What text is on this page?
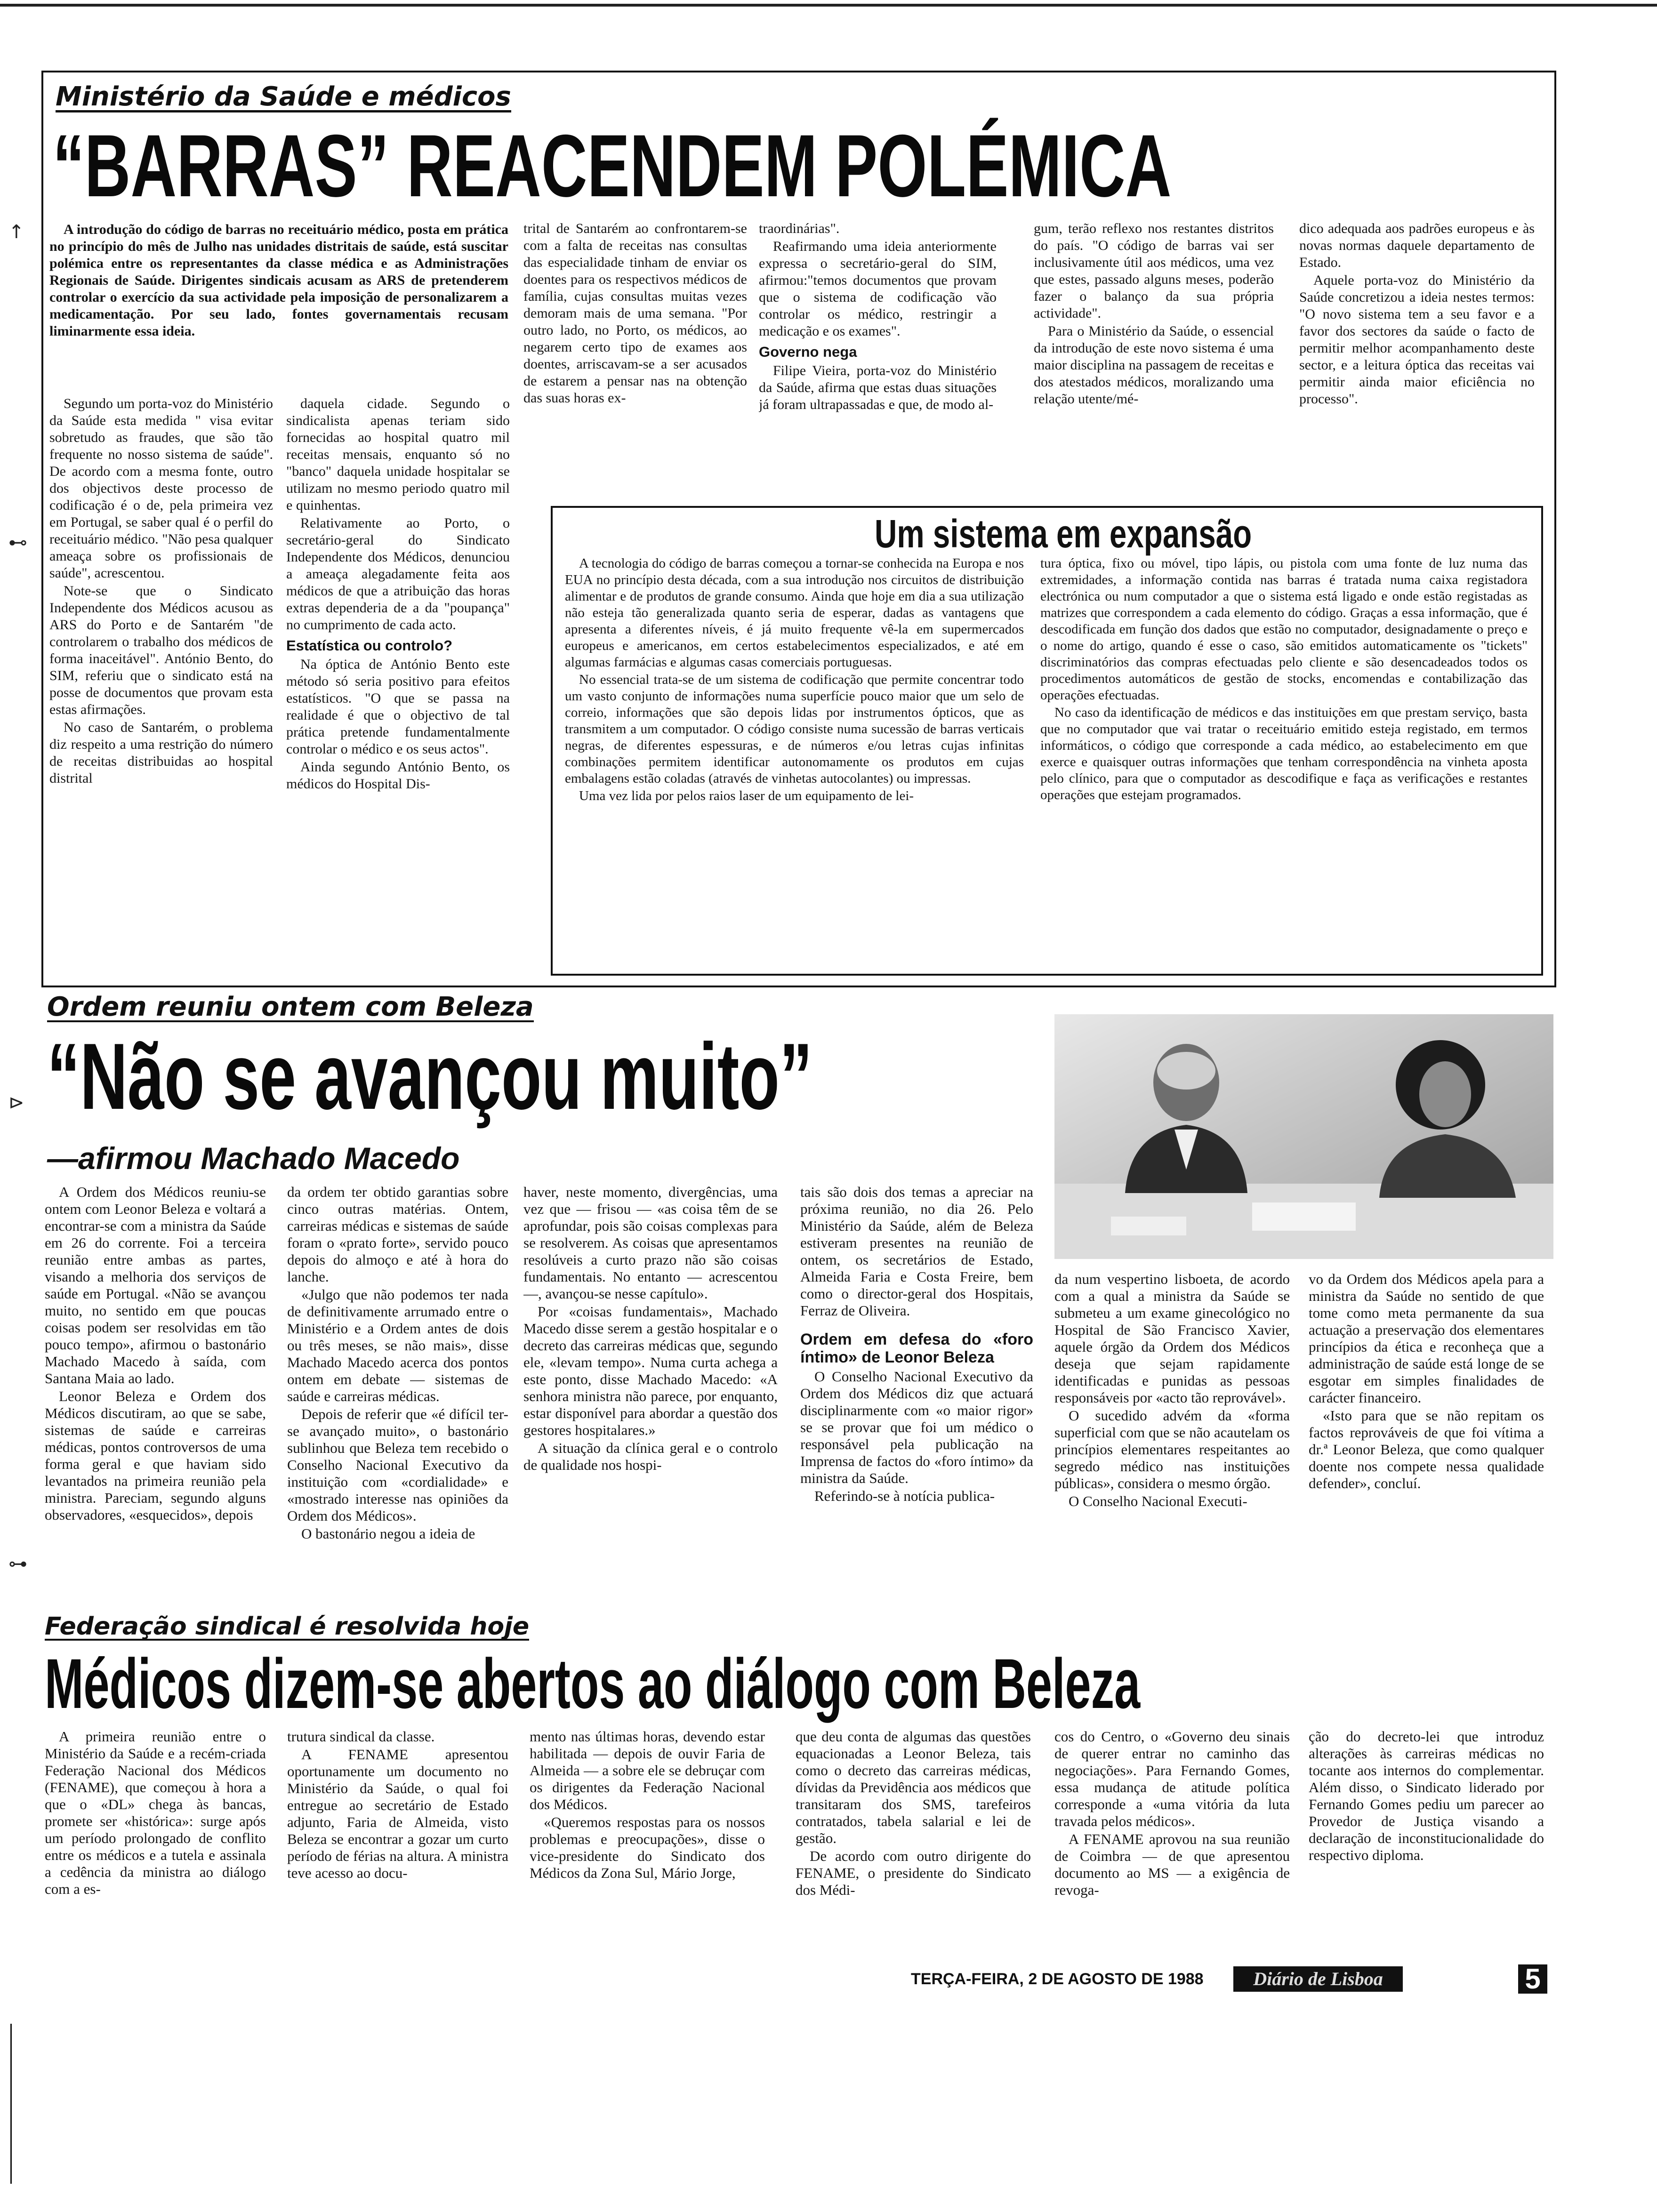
↑
⊷
⊳
⊶
Ministério da Saúde e médicos
“BARRAS” REACENDEM POLÉMICA

A introdução do código de barras no receituário médico, posta em prática no princípio do mês de Julho nas unidades distritais de saúde, está suscitar polémica entre os representantes da classe médica e as Administrações Regionais de Saúde. Dirigentes sindicais acusam as ARS de pretenderem controlar o exercício da sua actividade pela imposição de personalizarem a medicamentação. Por seu lado, fontes governamentais recusam liminarmente essa ideia.

Segundo um porta-voz do Ministério da Saúde esta medida " visa evitar sobretudo as fraudes, que são tão frequente no nosso sistema de saúde". De acordo com a mesma fonte, outro dos objectivos deste processo de codificação é o de, pela primeira vez em Portugal, se saber qual é o perfil do receituário médico. "Não pesa qualquer ameaça sobre os profissionais de saúde", acrescentou.

Note-se que o Sindicato Independente dos Médicos acusou as ARS do Porto e de Santarém "de controlarem o trabalho dos médicos de forma inaceitável". António Bento, do SIM, referiu que o sindicato está na posse de documentos que provam esta estas afirmações.

No caso de Santarém, o problema diz respeito a uma restrição do número de receitas distribuidas ao hospital distrital

daquela cidade. Segundo o sindicalista apenas teriam sido fornecidas ao hospital quatro mil receitas mensais, enquanto só no "banco" daquela unidade hospitalar se utilizam no mesmo periodo quatro mil e quinhentas.

Relativamente ao Porto, o secretário-geral do Sindicato Independente dos Médicos, denunciou a ameaça alegadamente feita aos médicos de que a atribuição das horas extras dependeria de a da "poupança" no cumprimento de cada acto.

Estatística ou controlo?

Na óptica de António Bento este método só seria positivo para efeitos estatísticos. "O que se passa na realidade é que o objectivo de tal prática pretende fundamentalmente controlar o médico e os seus actos".

Ainda segundo António Bento, os médicos do Hospital Dis-

trital de Santarém ao confrontarem-se com a falta de receitas nas consultas das especialidade tinham de enviar os doentes para os respectivos médicos de família, cujas consultas muitas vezes demoram mais de uma semana. "Por outro lado, no Porto, os médicos, ao negarem certo tipo de exames aos doentes, arriscavam-se a ser acusados de estarem a pensar nas na obtenção das suas horas ex-

traordinárias".

Reafirmando uma ideia anteriormente expressa o secretário-geral do SIM, afirmou:"temos documentos que provam que o sistema de codificação vão controlar os médico, restringir a medicação e os exames".

Governo nega

Filipe Vieira, porta-voz do Ministério da Saúde, afirma que estas duas situações já foram ultrapassadas e que, de modo al-

gum, terão reflexo nos restantes distritos do país. "O código de barras vai ser inclusivamente útil aos médicos, uma vez que estes, passado alguns meses, poderão fazer o balanço da sua própria actividade".

Para o Ministério da Saúde, o essencial da introdução de este novo sistema é uma maior disciplina na passagem de receitas e dos atestados médicos, moralizando uma relação utente/mé-

dico adequada aos padrões europeus e às novas normas daquele departamento de Estado.

Aquele porta-voz do Ministério da Saúde concretizou a ideia nestes termos: "O novo sistema tem a seu favor e a favor dos sectores da saúde o facto de permitir melhor acompanhamento deste sector, e a leitura óptica das receitas vai permitir ainda maior eficiência no processo".

Um sistema em expansão

A tecnologia do código de barras começou a tornar-se conhecida na Europa e nos EUA no princípio desta década, com a sua introdução nos circuitos de distribuição alimentar e de produtos de grande consumo. Ainda que hoje em dia a sua utilização não esteja tão generalizada quanto seria de esperar, dadas as vantagens que apresenta a diferentes níveis, é já muito frequente vê-la em supermercados europeus e americanos, em certos estabelecimentos especializados, e até em algumas farmácias e algumas casas comerciais portuguesas.

No essencial trata-se de um sistema de codificação que permite concentrar todo um vasto conjunto de informações numa superfície pouco maior que um selo de correio, informações que são depois lidas por instrumentos ópticos, que as transmitem a um computador. O código consiste numa sucessão de barras verticais negras, de diferentes espessuras, e de números e/ou letras cujas infinitas combinações permitem identificar autonomamente os produtos em cujas embalagens estão coladas (através de vinhetas autocolantes) ou impressas.

Uma vez lida por pelos raios laser de um equipamento de lei-

tura óptica, fixo ou móvel, tipo lápis, ou pistola com uma fonte de luz numa das extremidades, a informação contida nas barras é tratada numa caixa registadora electrónica ou num computador a que o sistema está ligado e onde estão registadas as matrizes que correspondem a cada elemento do código. Graças a essa informação, que é descodificada em função dos dados que estão no computador, designadamente o preço e o nome do artigo, quando é esse o caso, são emitidos automaticamente os "tickets" discriminatórios das compras efectuadas pelo cliente e são desencadeados todos os procedimentos automáticos de gestão de stocks, encomendas e contabilização das operações efectuadas.

No caso da identificação de médicos e das instituições em que prestam serviço, basta que no computador que vai tratar o receituário emitido esteja registado, em termos informáticos, o código que corresponde a cada médico, ao estabelecimento em que exerce e quaisquer outras informações que tenham correspondência na vinheta aposta pelo clínico, para que o computador as descodifique e faça as verificações e restantes operações que estejam programados.

Ordem reuniu ontem com Beleza
“Não se avançou muito”
—afirmou Machado Macedo

A Ordem dos Médicos reuniu-se ontem com Leonor Beleza e voltará a encontrar-se com a ministra da Saúde em 26 do corrente. Foi a terceira reunião entre ambas as partes, visando a melhoria dos serviços de saúde em Portugal. «Não se avançou muito, no sentido em que poucas coisas podem ser resolvidas em tão pouco tempo», afirmou o bastonário Machado Macedo à saída, com Santana Maia ao lado.

Leonor Beleza e Ordem dos Médicos discutiram, ao que se sabe, sistemas de saúde e carreiras médicas, pontos controversos de uma forma geral e que haviam sido levantados na primeira reunião pela ministra. Pareciam, segundo alguns observadores, «esquecidos», depois

da ordem ter obtido garantias sobre cinco outras matérias. Ontem, carreiras médicas e sistemas de saúde foram o «prato forte», servido pouco depois do almoço e até à hora do lanche.

«Julgo que não podemos ter nada de definitivamente arrumado entre o Ministério e a Ordem antes de dois ou três meses, se não mais», disse Machado Macedo acerca dos pontos ontem em debate — sistemas de saúde e carreiras médicas.

Depois de referir que «é difícil ter-se avançado muito», o bastonário sublinhou que Beleza tem recebido o Conselho Nacional Executivo da instituição com «cordialidade» e «mostrado interesse nas opiniões da Ordem dos Médicos».

O bastonário negou a ideia de

haver, neste momento, divergências, uma vez que — frisou — «as coisa têm de se aprofundar, pois são coisas complexas para se resolverem. As coisas que apresentamos resolúveis a curto prazo não são coisas fundamentais. No entanto — acrescentou —, avançou-se nesse capítulo».

Por «coisas fundamentais», Machado Macedo disse serem a gestão hospitalar e o decreto das carreiras médicas que, segundo ele, «levam tempo». Numa curta achega a este ponto, disse Machado Macedo: «A senhora ministra não parece, por enquanto, estar disponível para abordar a questão dos gestores hospitalares.»

A situação da clínica geral e o controlo de qualidade nos hospi-

tais são dois dos temas a apreciar na próxima reunião, no dia 26. Pelo Ministério da Saúde, além de Beleza estiveram presentes na reunião de ontem, os secretários de Estado, Almeida Faria e Costa Freire, bem como o director-geral dos Hospitais, Ferraz de Oliveira.

Ordem em defesa do «foro íntimo» de Leonor Beleza

O Conselho Nacional Executivo da Ordem dos Médicos diz que actuará disciplinarmente com «o maior rigor» se se provar que foi um médico o responsável pela publicação na Imprensa de factos do «foro íntimo» da ministra da Saúde.

Referindo-se à notícia publica-

da num vespertino lisboeta, de acordo com a qual a ministra da Saúde se submeteu a um exame ginecológico no Hospital de São Francisco Xavier, aquele órgão da Ordem dos Médicos deseja que sejam rapidamente identificadas e punidas as pessoas responsáveis por «acto tão reprovável».

O sucedido advém da «forma superficial com que se não acautelam os princípios elementares respeitantes ao segredo médico nas instituições públicas», considera o mesmo órgão.

O Conselho Nacional Executi-

vo da Ordem dos Médicos apela para a ministra da Saúde no sentido de que tome como meta permanente da sua actuação a preservação dos elementares princípios da ética e reconheça que a administração de saúde está longe de se esgotar em simples finalidades de carácter financeiro.

«Isto para que se não repitam os factos reprováveis de que foi vítima a dr.ª Leonor Beleza, que como qualquer doente nos compete nessa qualidade defender», concluí.

Federação sindical é resolvida hoje
Médicos dizem-se abertos ao diálogo com Beleza

A primeira reunião entre o Ministério da Saúde e a recém-criada Federação Nacional dos Médicos (FENAME), que começou à hora a que o «DL» chega às bancas, promete ser «histórica»: surge após um período prolongado de conflito entre os médicos e a tutela e assinala a cedência da ministra ao diálogo com a es-

trutura sindical da classe.

A FENAME apresentou oportunamente um documento no Ministério da Saúde, o qual foi entregue ao secretário de Estado adjunto, Faria de Almeida, visto Beleza se encontrar a gozar um curto período de férias na altura. A ministra teve acesso ao docu-

mento nas últimas horas, devendo estar habilitada — depois de ouvir Faria de Almeida — a sobre ele se debruçar com os dirigentes da Federação Nacional dos Médicos.

«Queremos respostas para os nossos problemas e preocupações», disse o vice-presidente do Sindicato dos Médicos da Zona Sul, Mário Jorge,

que deu conta de algumas das questões equacionadas a Leonor Beleza, tais como o decreto das carreiras médicas, dívidas da Previdência aos médicos que transitaram dos SMS, tarefeiros contratados, tabela salarial e lei de gestão.

De acordo com outro dirigente do FENAME, o presidente do Sindicato dos Médi-

cos do Centro, o «Governo deu sinais de querer entrar no caminho das negociações». Para Fernando Gomes, essa mudança de atitude política corresponde a «uma vitória da luta travada pelos médicos».

A FENAME aprovou na sua reunião de Coimbra — de que apresentou documento ao MS — a exigência de revoga-

ção do decreto-lei que introduz alterações às carreiras médicas no tocante aos internos do complementar. Além disso, o Sindicato liderado por Fernando Gomes pediu um parecer ao Provedor de Justiça visando a declaração de inconstitucionalidade do respectivo diploma.

TERÇA-FEIRA, 2 DE AGOSTO DE 1988	Diário de Lisboa	5
